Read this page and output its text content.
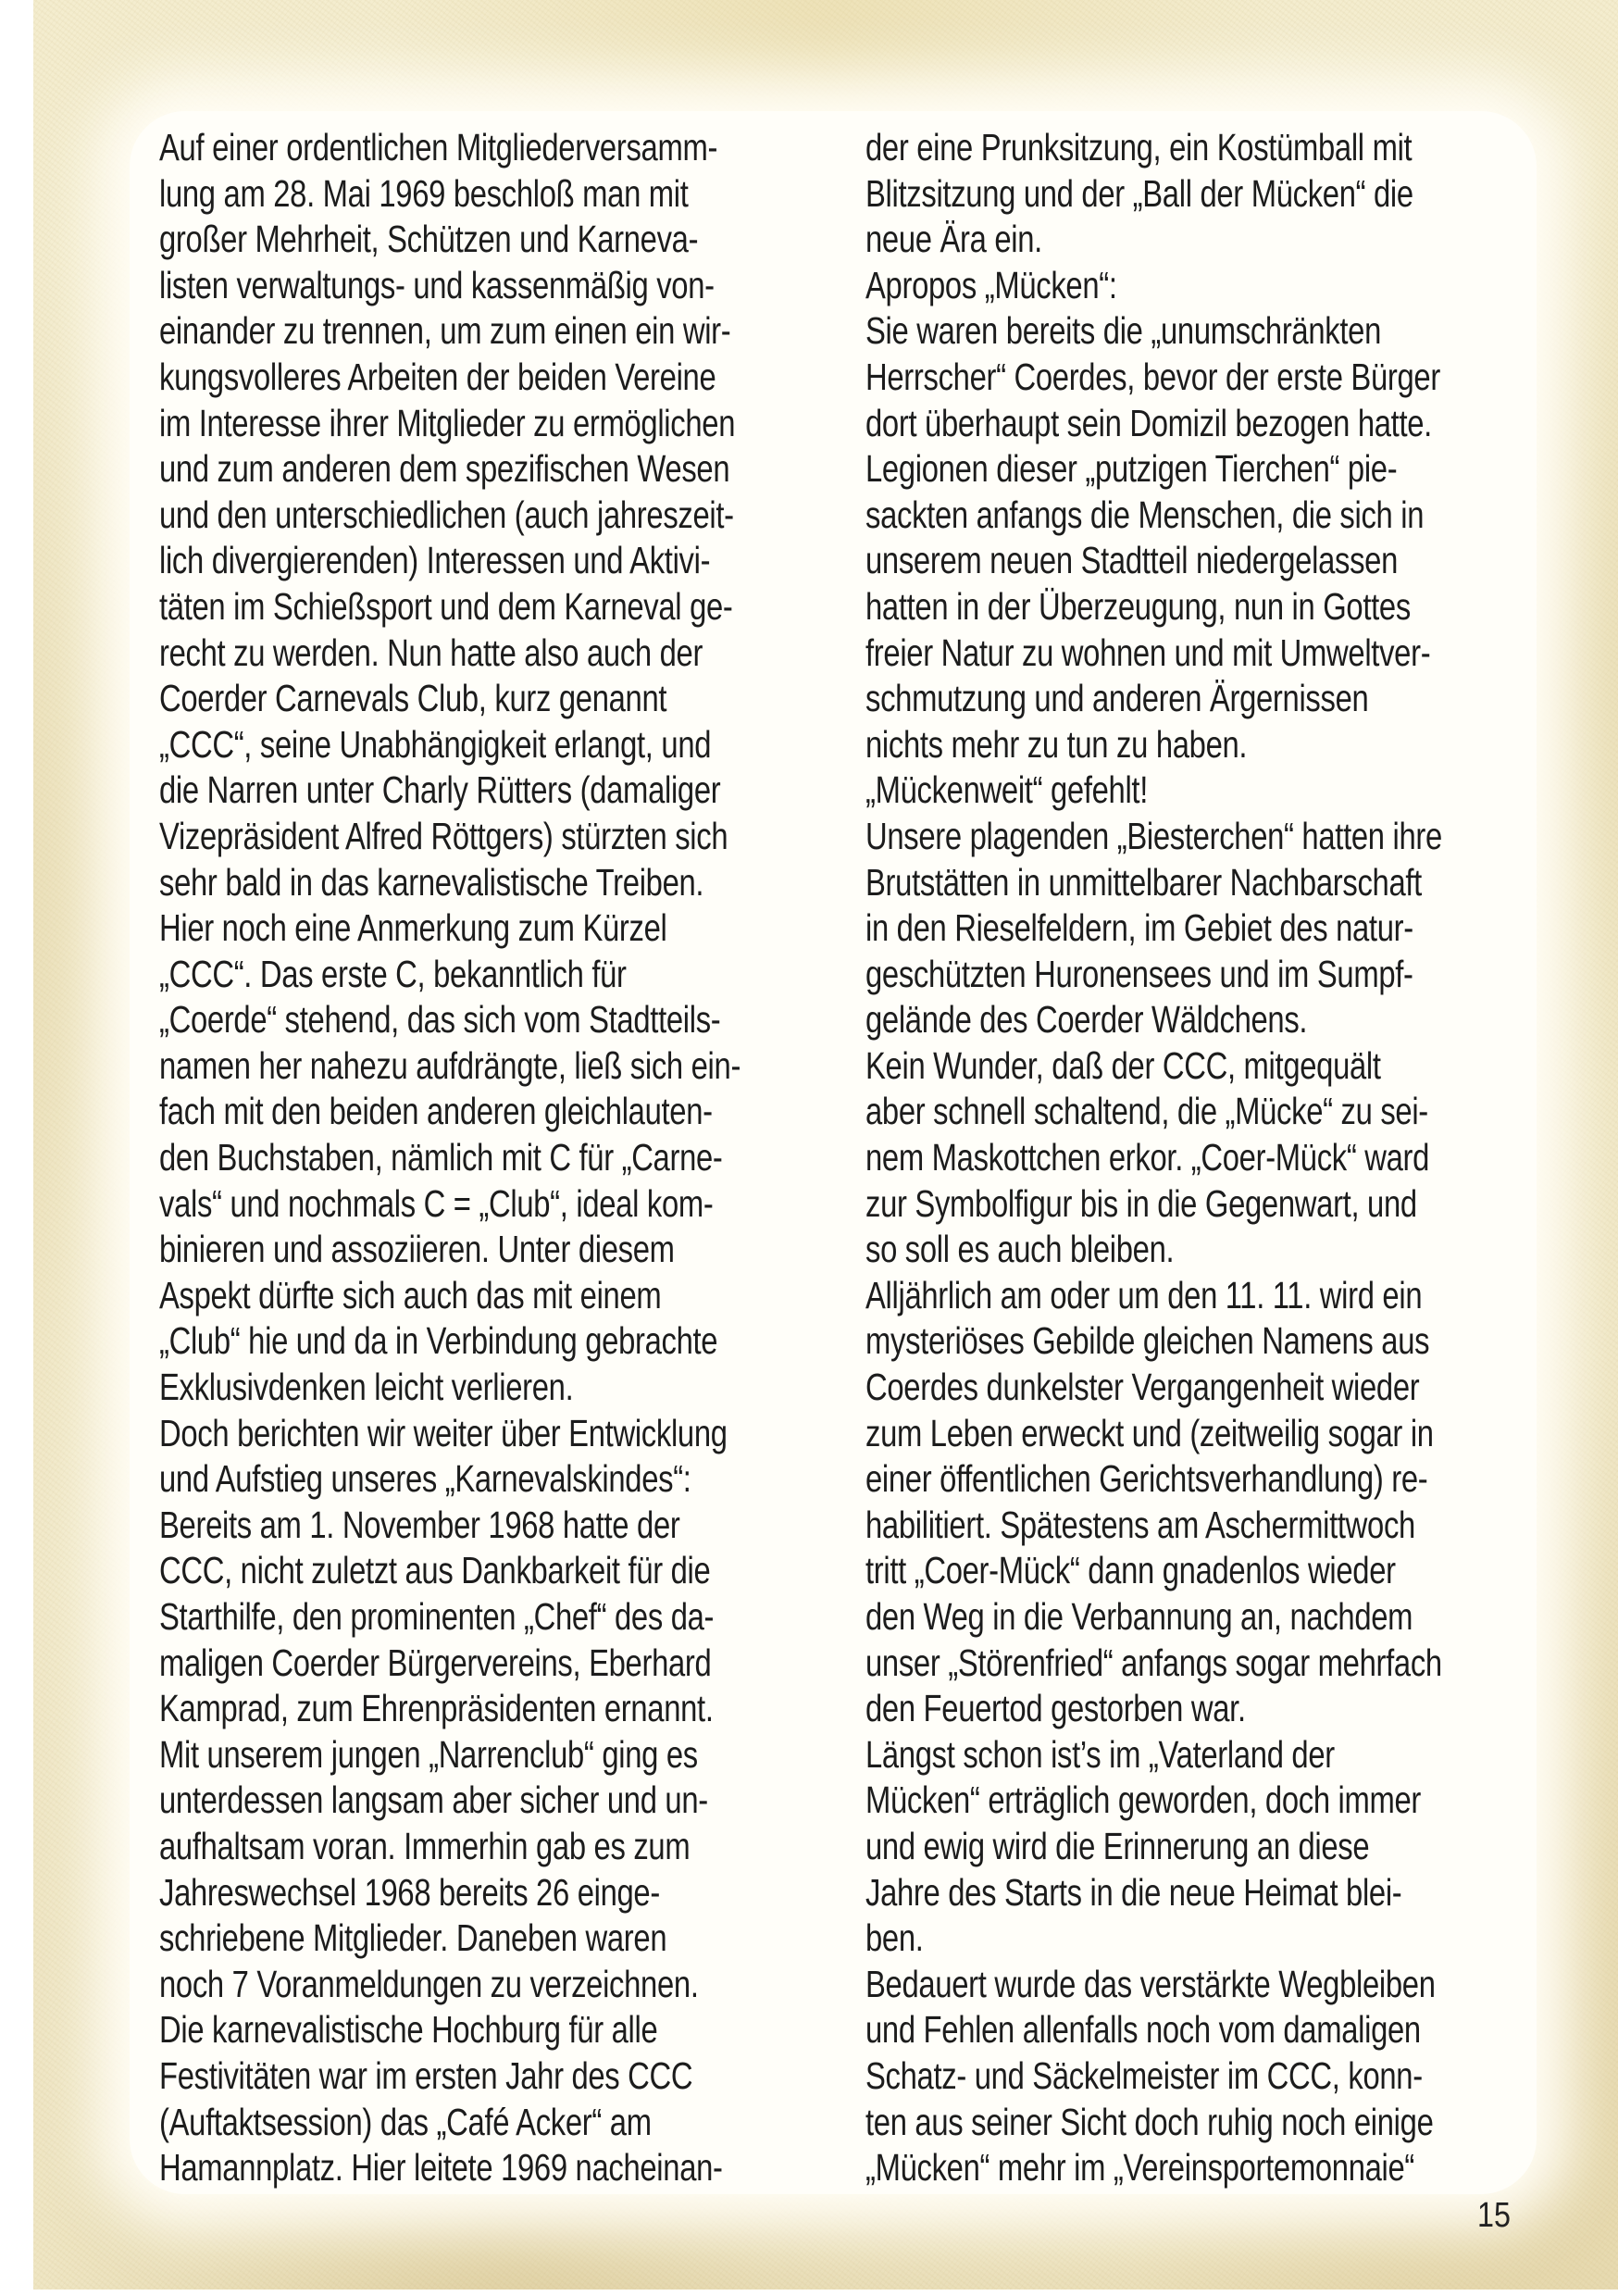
Auf einer ordentlichen Mitgliederversamm-
lung am 28. Mai 1969 beschloß man mit
großer Mehrheit, Schützen und Karneva-
listen verwaltungs- und kassenmäßig von-
einander zu trennen, um zum einen ein wir-
kungsvolleres Arbeiten der beiden Vereine
im Interesse ihrer Mitglieder zu ermöglichen
und zum anderen dem spezifischen Wesen
und den unterschiedlichen (auch jahreszeit-
lich divergierenden) Interessen und Aktivi-
täten im Schießsport und dem Karneval ge-
recht zu werden. Nun hatte also auch der
Coerder Carnevals Club, kurz genannt
„CCC“, seine Unabhängigkeit erlangt, und
die Narren unter Charly Rütters (damaliger
Vizepräsident Alfred Röttgers) stürzten sich
sehr bald in das karnevalistische Treiben.
Hier noch eine Anmerkung zum Kürzel
„CCC“. Das erste C, bekanntlich für
„Coerde“ stehend, das sich vom Stadtteils-
namen her nahezu aufdrängte, ließ sich ein-
fach mit den beiden anderen gleichlauten-
den Buchstaben, nämlich mit C für „Carne-
vals“ und nochmals C = „Club“, ideal kom-
binieren und assoziieren. Unter diesem
Aspekt dürfte sich auch das mit einem
„Club“ hie und da in Verbindung gebrachte
Exklusivdenken leicht verlieren.
Doch berichten wir weiter über Entwicklung
und Aufstieg unseres „Karnevalskindes“:
Bereits am 1. November 1968 hatte der
CCC, nicht zuletzt aus Dankbarkeit für die
Starthilfe, den prominenten „Chef“ des da-
maligen Coerder Bürgervereins, Eberhard
Kamprad, zum Ehrenpräsidenten ernannt.
Mit unserem jungen „Narrenclub“ ging es
unterdessen langsam aber sicher und un-
aufhaltsam voran. Immerhin gab es zum
Jahreswechsel 1968 bereits 26 einge-
schriebene Mitglieder. Daneben waren
noch 7 Voranmeldungen zu verzeichnen.
Die karnevalistische Hochburg für alle
Festivitäten war im ersten Jahr des CCC
(Auftaktsession) das „Café Acker“ am
Hamannplatz. Hier leitete 1969 nacheinan-
der eine Prunksitzung, ein Kostümball mit
Blitzsitzung und der „Ball der Mücken“ die
neue Ära ein.
Apropos „Mücken“:
Sie waren bereits die „unumschränkten
Herrscher“ Coerdes, bevor der erste Bürger
dort überhaupt sein Domizil bezogen hatte.
Legionen dieser „putzigen Tierchen“ pie-
sackten anfangs die Menschen, die sich in
unserem neuen Stadtteil niedergelassen
hatten in der Überzeugung, nun in Gottes
freier Natur zu wohnen und mit Umweltver-
schmutzung und anderen Ärgernissen
nichts mehr zu tun zu haben.
„Mückenweit“ gefehlt!
Unsere plagenden „Biesterchen“ hatten ihre
Brutstätten in unmittelbarer Nachbarschaft
in den Rieselfeldern, im Gebiet des natur-
geschützten Huronensees und im Sumpf-
gelände des Coerder Wäldchens.
Kein Wunder, daß der CCC, mitgequält
aber schnell schaltend, die „Mücke“ zu sei-
nem Maskottchen erkor. „Coer-Mück“ ward
zur Symbolfigur bis in die Gegenwart, und
so soll es auch bleiben.
Alljährlich am oder um den 11. 11. wird ein
mysteriöses Gebilde gleichen Namens aus
Coerdes dunkelster Vergangenheit wieder
zum Leben erweckt und (zeitweilig sogar in
einer öffentlichen Gerichtsverhandlung) re-
habilitiert. Spätestens am Aschermittwoch
tritt „Coer-Mück“ dann gnadenlos wieder
den Weg in die Verbannung an, nachdem
unser „Störenfried“ anfangs sogar mehrfach
den Feuertod gestorben war.
Längst schon ist’s im „Vaterland der
Mücken“ erträglich geworden, doch immer
und ewig wird die Erinnerung an diese
Jahre des Starts in die neue Heimat blei-
ben.
Bedauert wurde das verstärkte Wegbleiben
und Fehlen allenfalls noch vom damaligen
Schatz- und Säckelmeister im CCC, konn-
ten aus seiner Sicht doch ruhig noch einige
„Mücken“ mehr im „Vereinsportemonnaie“
15
